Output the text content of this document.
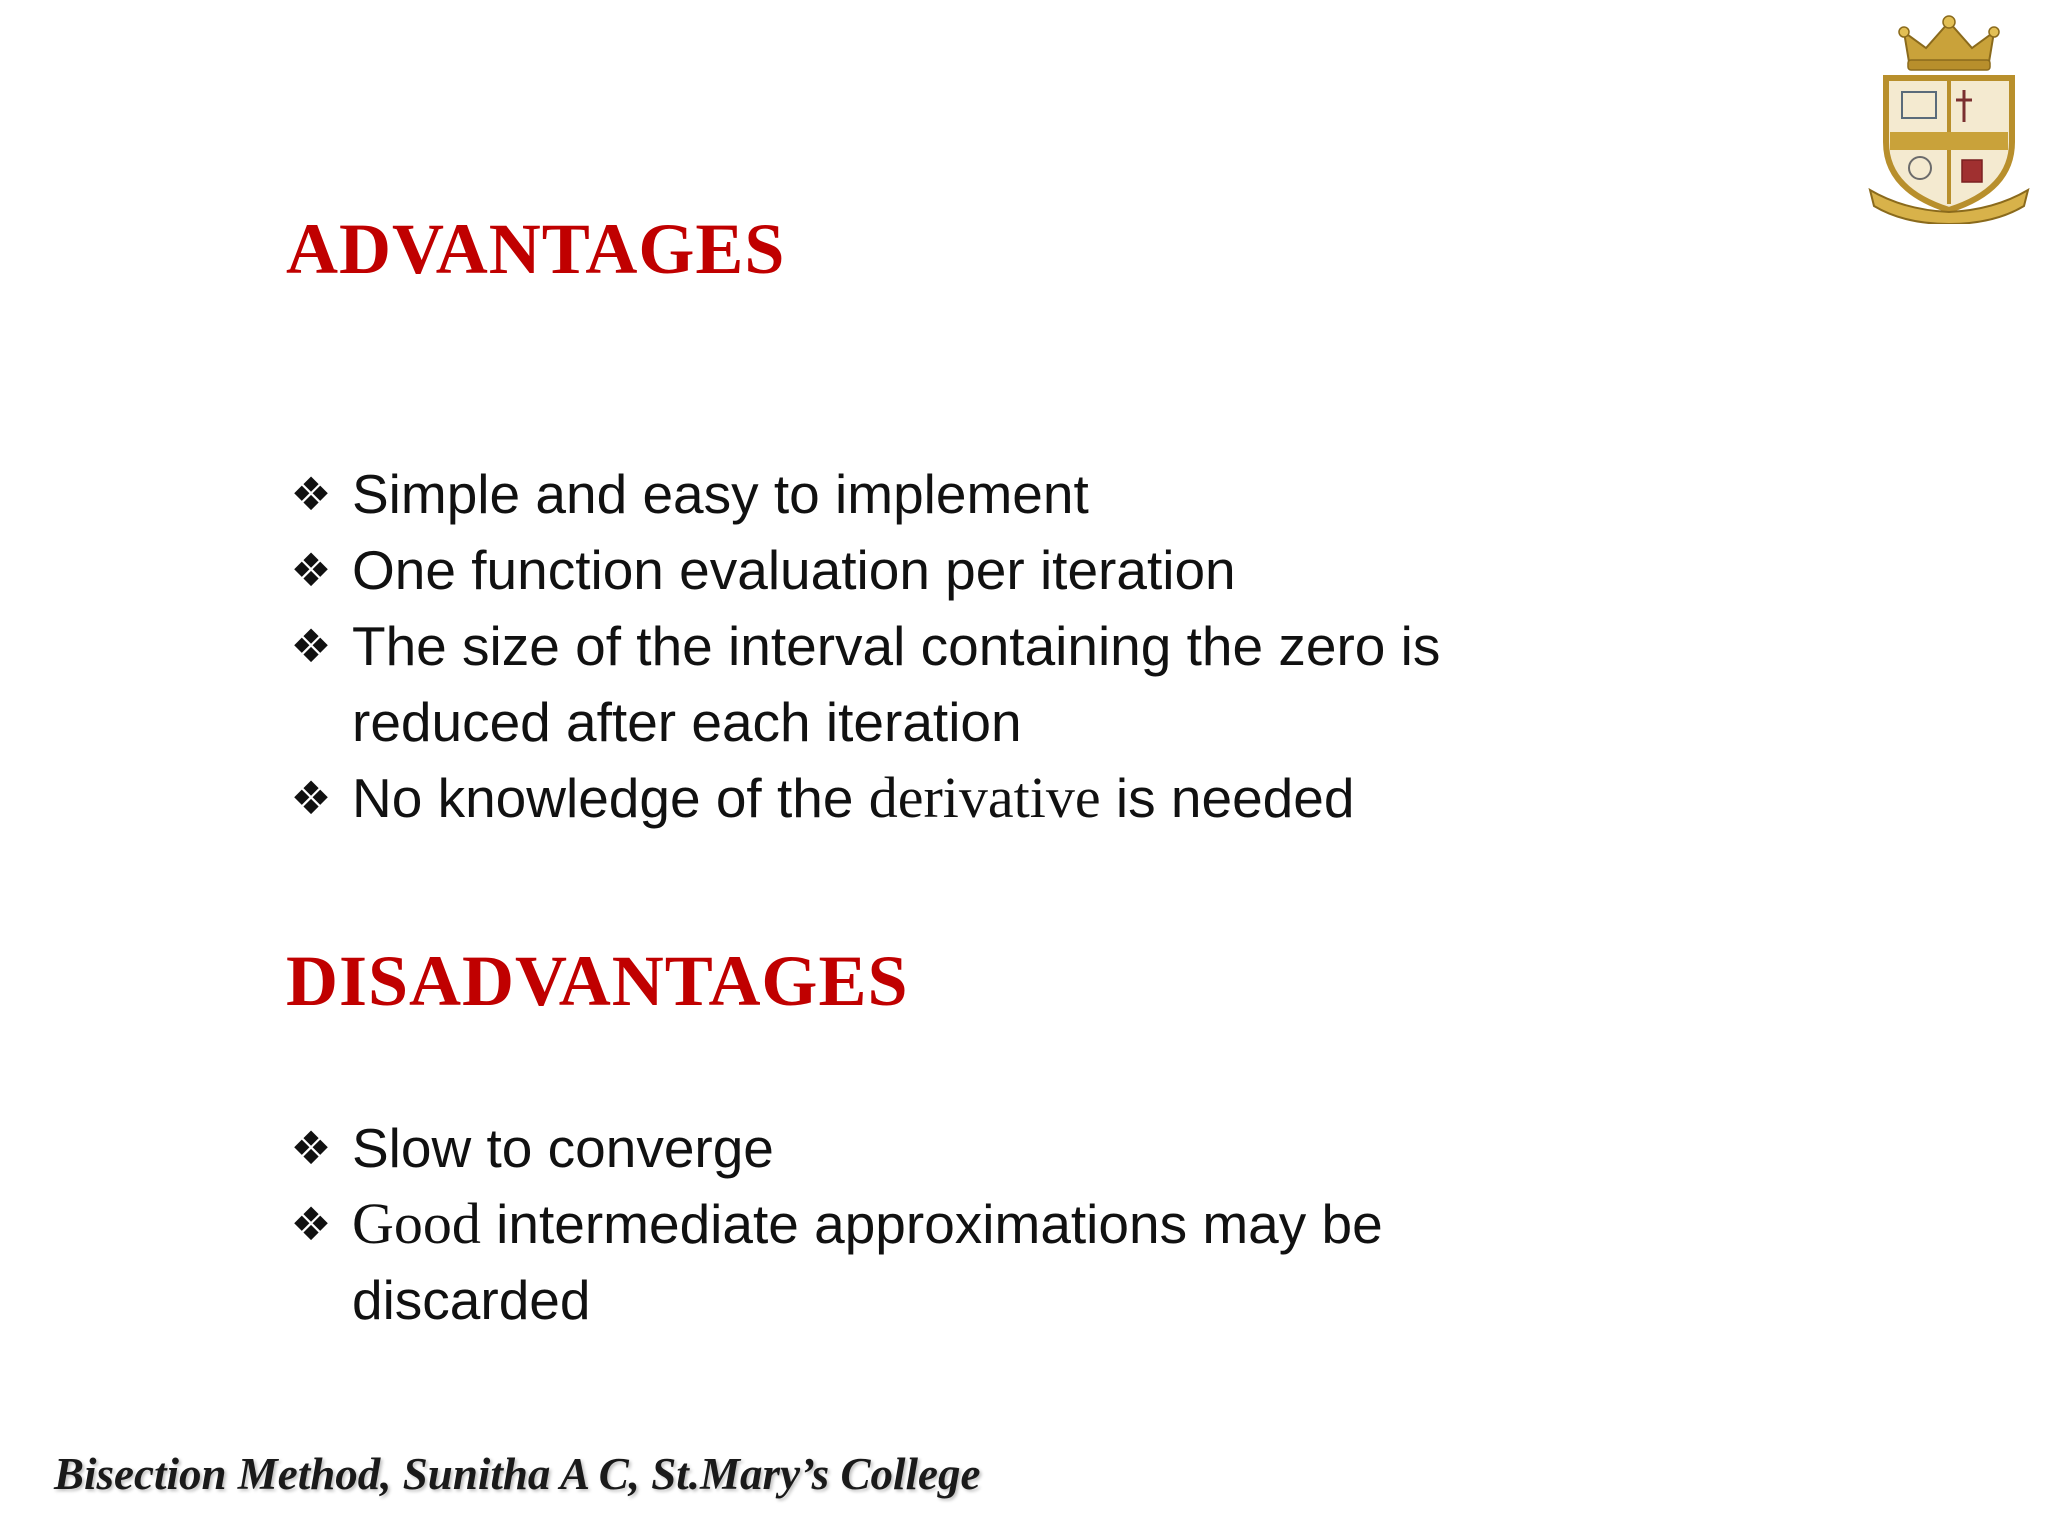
ADVANTAGES
❖ Simple and easy to implement
❖ One function evaluation per iteration
❖ The size of the interval containing the zero is reduced after each iteration
❖ No knowledge of the derivative is needed
DISADVANTAGES
❖ Slow to converge
❖ Good intermediate approximations may be discarded

Bisection Method, Sunitha A C, St.Mary’s College
